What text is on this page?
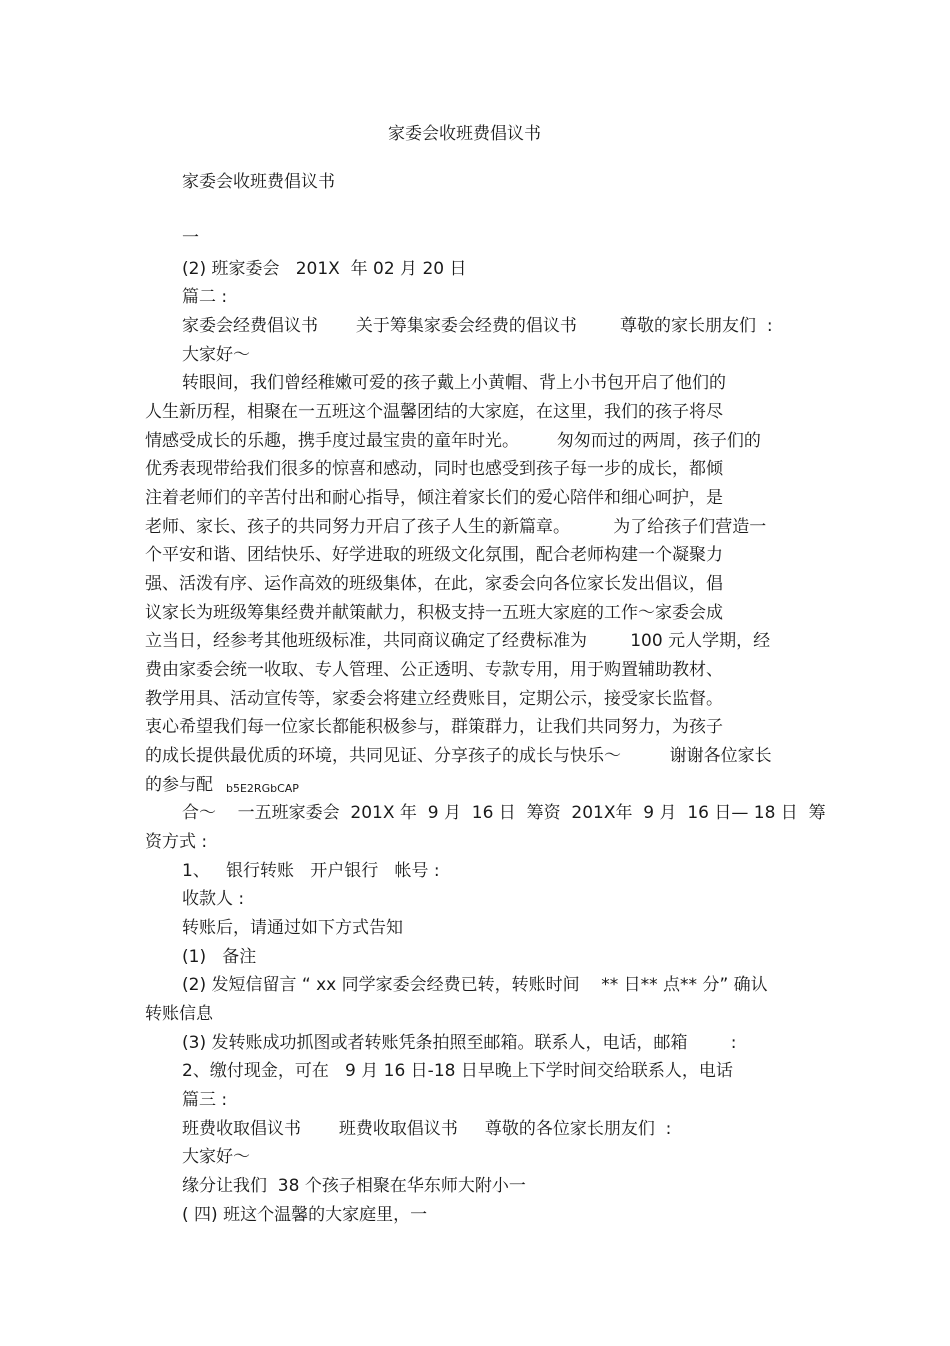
家委会收班费倡议书
家委会收班费倡议书
一
(2) 班家委会   201X  年 02 月 20 日
篇二 :
家委会经费倡议书       关于筹集家委会经费的倡议书        尊敬的家长朋友们  :
大家好〜
转眼间，我们曾经稚嫩可爱的孩子戴上小黄帽、背上小书包开启了他们的
人生新历程，相聚在一五班这个温馨团结的大家庭，在这里，我们的孩子将尽
情感受成长的乐趣，携手度过最宝贵的童年时光。       匆匆而过的两周，孩子们的
优秀表现带给我们很多的惊喜和感动，同时也感受到孩子每一步的成长，都倾
注着老师们的辛苦付出和耐心指导，倾注着家长们的爱心陪伴和细心呵护，是
老师、家长、孩子的共同努力开启了孩子人生的新篇章。        为了给孩子们营造一
个平安和谐、团结快乐、好学进取的班级文化氛围，配合老师构建一个凝聚力
强、活泼有序、运作高效的班级集体，在此，家委会向各位家长发出倡议，倡
议家长为班级筹集经费并献策献力，积极支持一五班大家庭的工作〜家委会成
立当日，经参考其他班级标准，共同商议确定了经费标准为        100 元人学期，经
费由家委会统一收取、专人管理、公正透明、专款专用，用于购置辅助教材、
教学用具、活动宣传等，家委会将建立经费账目，定期公示，接受家长监督。
衷心希望我们每一位家长都能积极参与，群策群力，让我们共同努力，为孩子
的成长提供最优质的环境，共同见证、分享孩子的成长与快乐〜         谢谢各位家长
的参与配 b5E2RGbCAP
合〜    一五班家委会  201X 年  9 月  16 日  筹资  201X年  9 月  16 日— 18 日  筹
资方式 :
1、   银行转账   开户银行   帐号 :
收款人 :
转账后，请通过如下方式告知
(1)   备注
(2) 发短信留言 “ xx 同学家委会经费已转，转账时间    ** 日** 点** 分” 确认
转账信息
(3) 发转账成功抓图或者转账凭条拍照至邮箱。联系人，电话，邮箱        :
2、缴付现金，可在   9 月 16 日-18 日早晚上下学时间交给联系人，电话
篇三 :
班费收取倡议书       班费收取倡议书     尊敬的各位家长朋友们  :
大家好〜
缘分让我们  38 个孩子相聚在华东师大附小一
( 四) 班这个温馨的大家庭里，一
